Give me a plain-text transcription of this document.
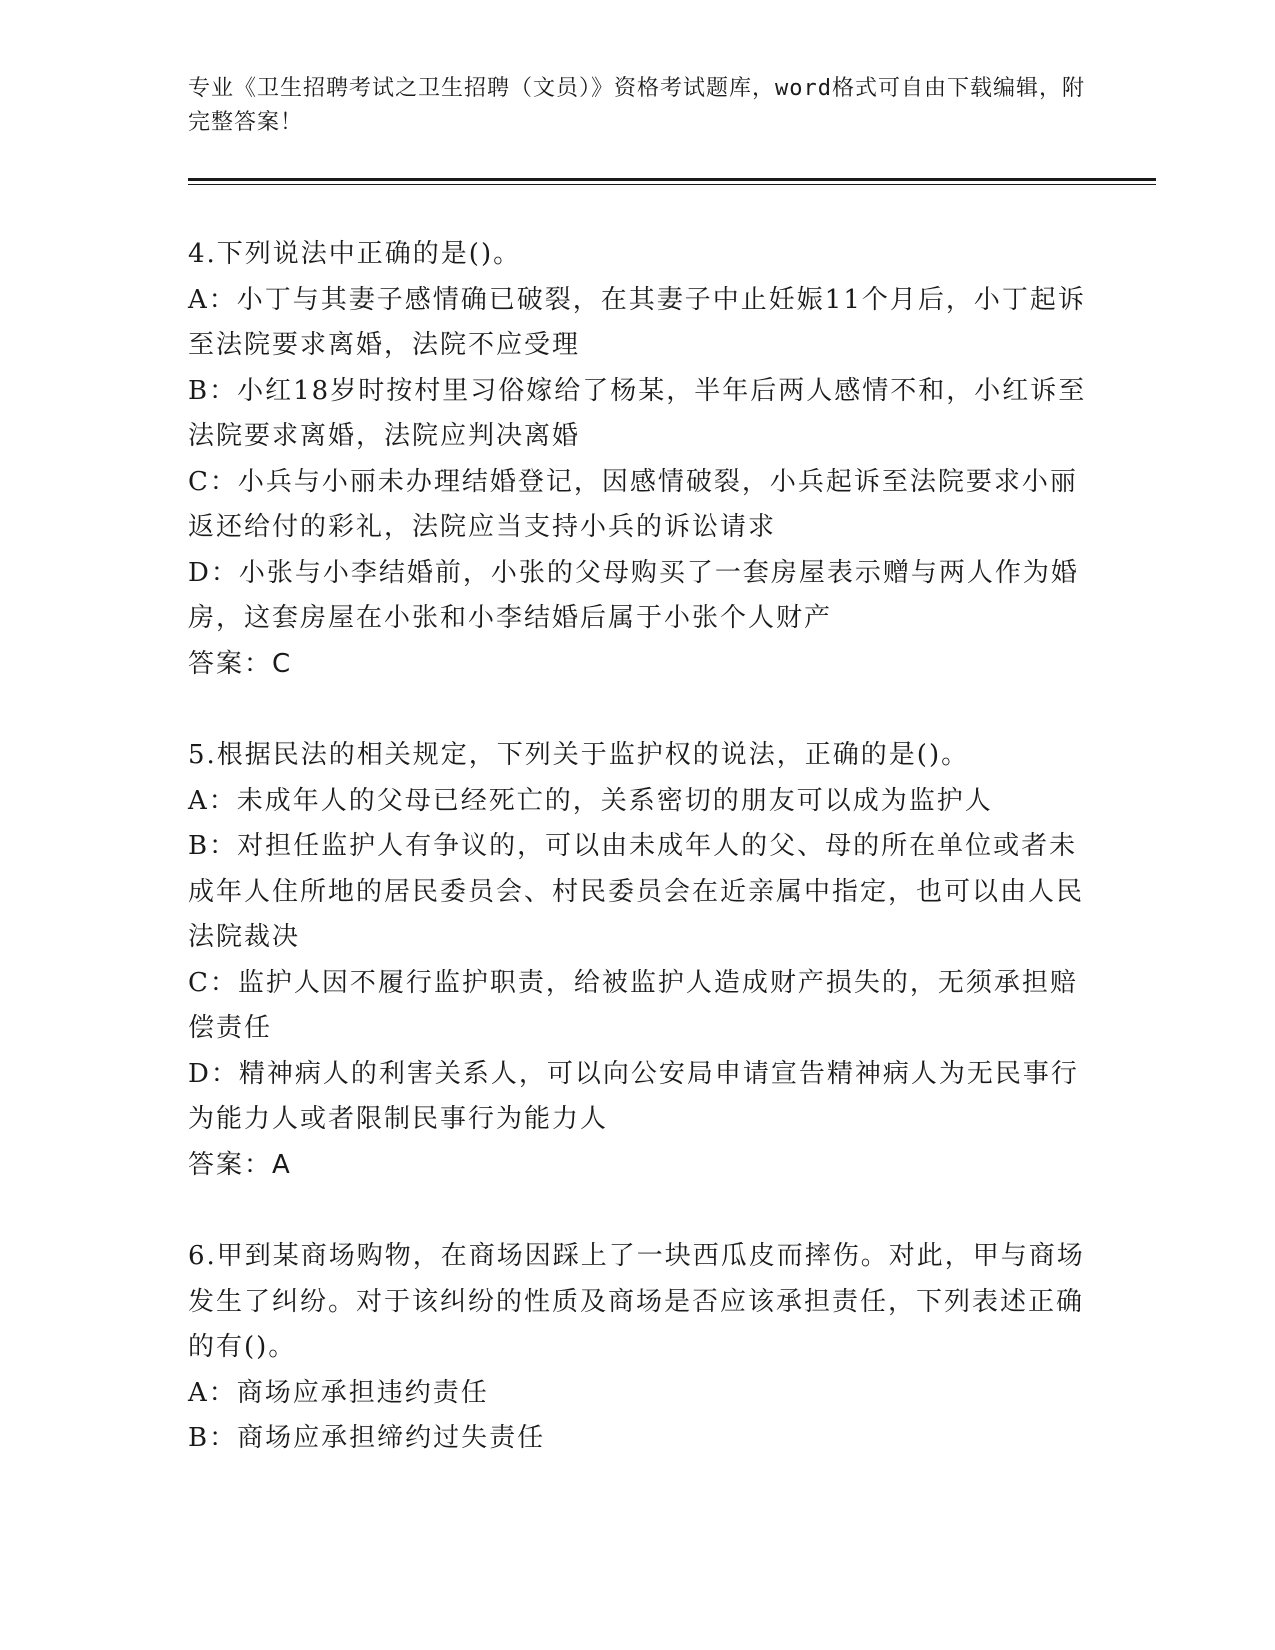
专业《卫生招聘考试之卫生招聘（文员）》资格考试题库，word格式可自由下载编辑，附完整答案！

4.下列说法中正确的是()。

A：小丁与其妻子感情确已破裂，在其妻子中止妊娠11个月后，小丁起诉至法院要求离婚，法院不应受理

B：小红18岁时按村里习俗嫁给了杨某，半年后两人感情不和，小红诉至法院要求离婚，法院应判决离婚

C：小兵与小丽未办理结婚登记，因感情破裂，小兵起诉至法院要求小丽返还给付的彩礼，法院应当支持小兵的诉讼请求

D：小张与小李结婚前，小张的父母购买了一套房屋表示赠与两人作为婚房，这套房屋在小张和小李结婚后属于小张个人财产

答案：C

5.根据民法的相关规定，下列关于监护权的说法，正确的是()。

A：未成年人的父母已经死亡的，关系密切的朋友可以成为监护人

B：对担任监护人有争议的，可以由未成年人的父、母的所在单位或者未成年人住所地的居民委员会、村民委员会在近亲属中指定，也可以由人民法院裁决

C：监护人因不履行监护职责，给被监护人造成财产损失的，无须承担赔偿责任

D：精神病人的利害关系人，可以向公安局申请宣告精神病人为无民事行为能力人或者限制民事行为能力人

答案：A

6.甲到某商场购物，在商场因踩上了一块西瓜皮而摔伤。对此，甲与商场发生了纠纷。对于该纠纷的性质及商场是否应该承担责任，下列表述正确的有()。

A：商场应承担违约责任

B：商场应承担缔约过失责任
